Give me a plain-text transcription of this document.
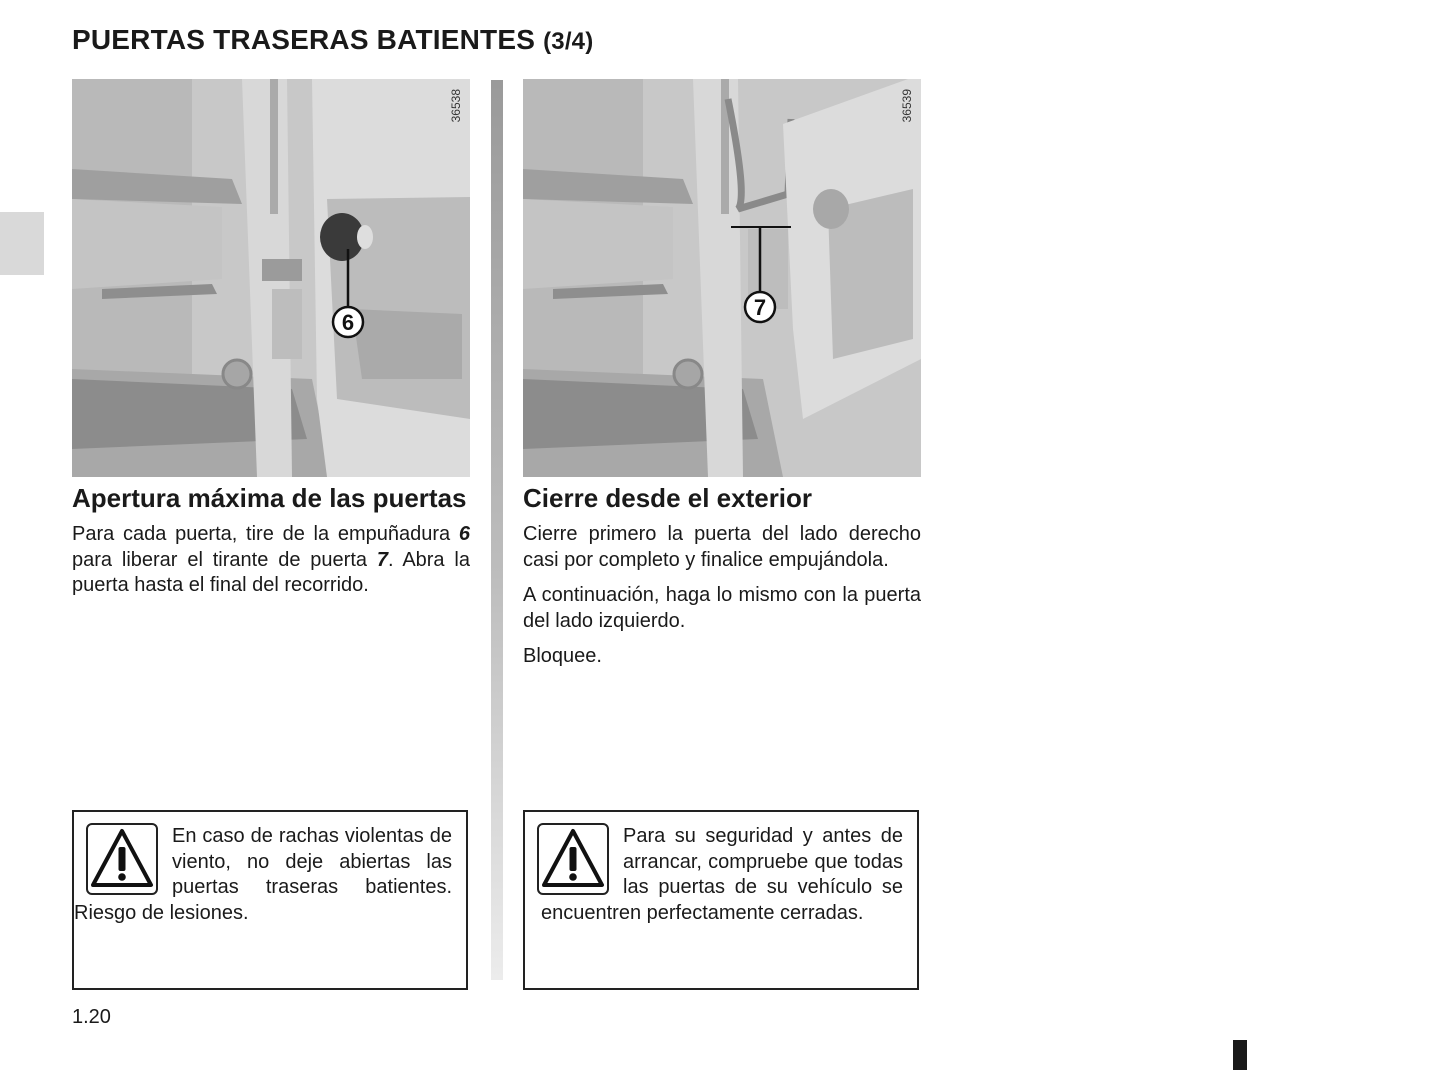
PUERTAS TRASERAS BATIENTES (3/4)
6
36538
7
36539
Apertura máxima de las puertas

Para cada puerta, tire de la empuñadura 6 para liberar el tirante de puerta 7. Abra la puerta hasta el final del recorrido.

Cierre desde el exterior

Cierre primero la puerta del lado derecho casi por completo y finalice empujándola.

A continuación, haga lo mismo con la puerta del lado izquierdo.

Bloquee.

En caso de rachas violentas de viento, no deje abiertas las puertas traseras batientes. Riesgo de lesiones.

Para su seguridad y antes de arrancar, compruebe que todas las puertas de su vehículo se encuentren perfectamente cerradas.

1.20
